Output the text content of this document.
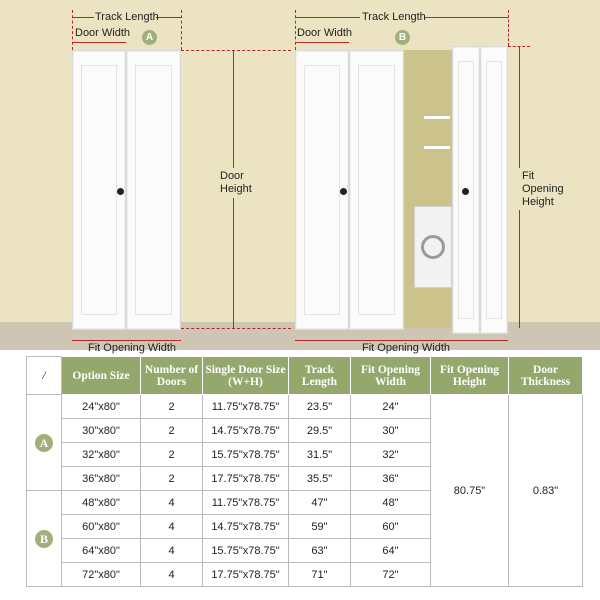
Track Length
Door Width	A
Door Height
Fit Opening Width
Track Length
Door Width	B
Fit Opening Height
Fit Opening Width
/	Option Size	Number of Doors	Single Door Size (W+H)	Track Length	Fit Opening Width	Fit Opening Height	Door Thickness
A	24"x80"	2	11.75"x78.75"	23.5"	24"	80.75"	0.83"
	30"x80"	2	14.75"x78.75"	29.5"	30"		
	32"x80"	2	15.75"x78.75"	31.5"	32"		
	36"x80"	2	17.75"x78.75"	35.5"	36"		
B	48"x80"	4	11.75"x78.75"	47"	48"		
	60"x80"	4	14.75"x78.75"	59"	60"		
	64"x80"	4	15.75"x78.75"	63"	64"		
	72"x80"	4	17.75"x78.75"	71"	72"		
